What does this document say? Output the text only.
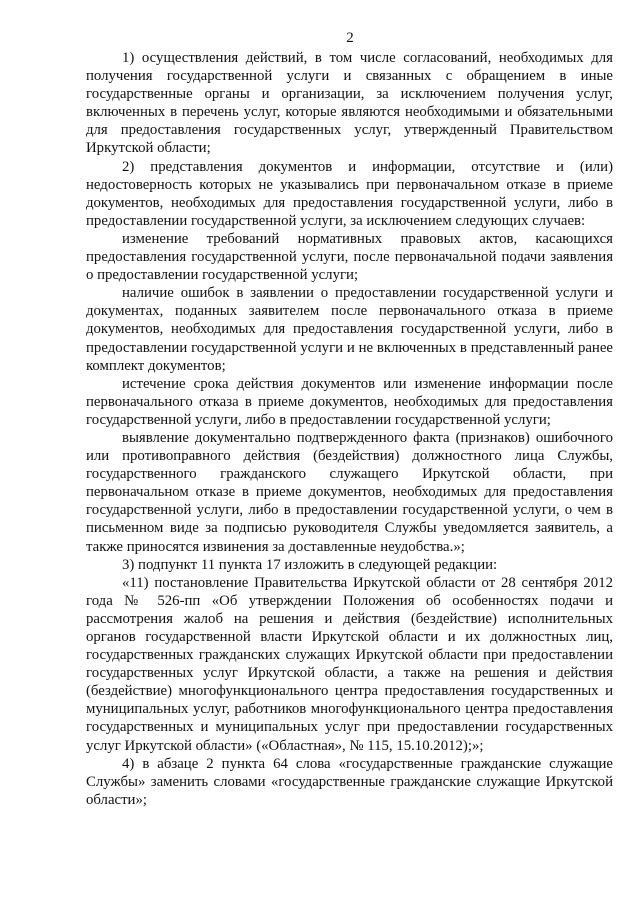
2

1) осуществления действий, в том числе согласований, необходимых для получения государственной услуги и связанных с обращением в иные государственные органы и организации, за исключением получения услуг, включенных в перечень услуг, которые являются необходимыми и обязательными для предоставления государственных услуг, утвержденный Правительством Иркутской области;

2) представления документов и информации, отсутствие и (или) недостоверность которых не указывались при первоначальном отказе в приеме документов, необходимых для предоставления государственной услуги, либо в предоставлении государственной услуги, за исключением следующих случаев:

изменение требований нормативных правовых актов, касающихся предоставления государственной услуги, после первоначальной подачи заявления о предоставлении государственной услуги;

наличие ошибок в заявлении о предоставлении государственной услуги и документах, поданных заявителем после первоначального отказа в приеме документов, необходимых для предоставления государственной услуги, либо в предоставлении государственной услуги и не включенных в представленный ранее комплект документов;

истечение срока действия документов или изменение информации после первоначального отказа в приеме документов, необходимых для предоставления государственной услуги, либо в предоставлении государственной услуги;

выявление документально подтвержденного факта (признаков) ошибочного или противоправного действия (бездействия) должностного лица Службы, государственного гражданского служащего Иркутской области, при первоначальном отказе в приеме документов, необходимых для предоставления государственной услуги, либо в предоставлении государственной услуги, о чем в письменном виде за подписью руководителя Службы уведомляется заявитель, а также приносятся извинения за доставленные неудобства.»;

3) подпункт 11 пункта 17 изложить в следующей редакции:

«11) постановление Правительства Иркутской области от 28 сентября 2012 года № 526-пп «Об утверждении Положения об особенностях подачи и рассмотрения жалоб на решения и действия (бездействие) исполнительных органов государственной власти Иркутской области и их должностных лиц, государственных гражданских служащих Иркутской области при предоставлении государственных услуг Иркутской области, а также на решения и действия (бездействие) многофункционального центра предоставления государственных и муниципальных услуг, работников многофункционального центра предоставления государственных и муниципальных услуг при предоставлении государственных услуг Иркутской области» («Областная», № 115, 15.10.2012);»;

4) в абзаце 2 пункта 64 слова «государственные гражданские служащие Службы» заменить словами «государственные гражданские служащие Иркутской области»;
